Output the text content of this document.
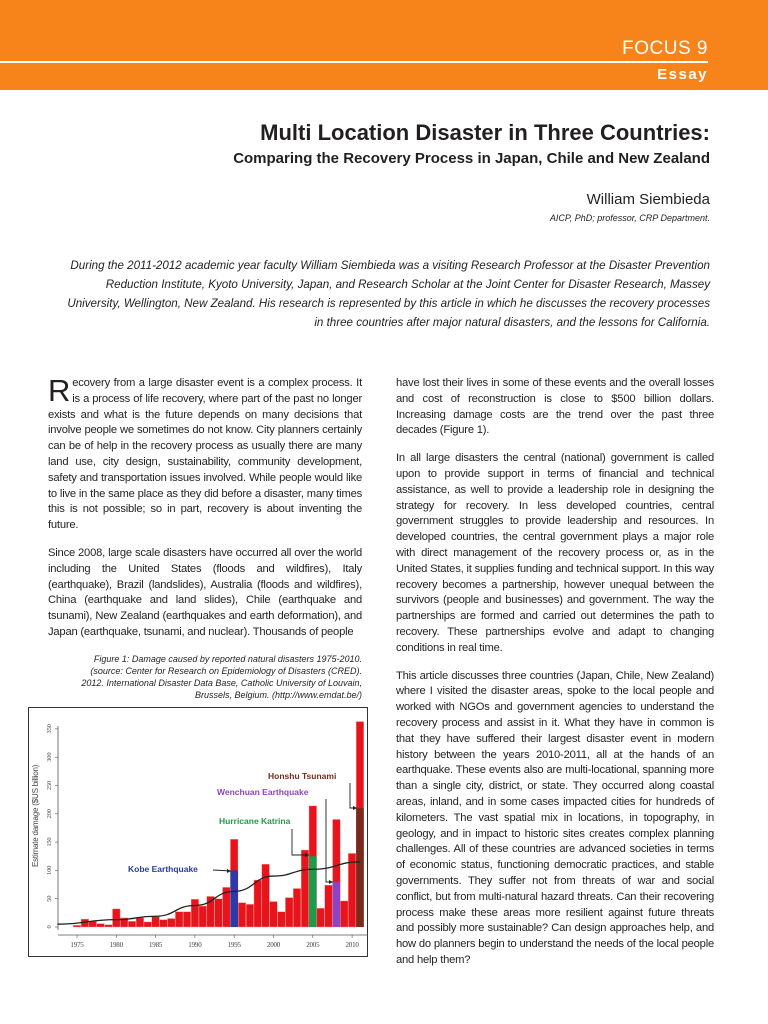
FOCUS 9
Essay
Multi Location Disaster in Three Countries:
Comparing the Recovery Process in Japan, Chile and New Zealand
William Siembieda
AICP, PhD; professor, CRP Department.
During the 2011-2012 academic year faculty William Siembieda was a visiting Research Professor at the Disaster Prevention Reduction Institute, Kyoto University, Japan, and Research Scholar at the Joint Center for Disaster Research, Massey University, Wellington, New Zealand. His research is represented by this article in which he discusses the recovery processes in three countries after major natural disasters, and the lessons for California.

Recovery from a large disaster event is a complex process. It is a process of life recovery, where part of the past no longer exists and what is the future depends on many decisions that involve people we sometimes do not know. City planners certainly can be of help in the recovery process as usually there are many land use, city design, sustainability, community development, safety and transportation issues involved. While people would like to live in the same place as they did before a disaster, many times this is not possible; so in part, recovery is about inventing the future.

Since 2008, large scale disasters have occurred all over the world including the United States (floods and wildfires), Italy (earthquake), Brazil (landslides), Australia (floods and wildfires), China (earthquake and land slides), Chile (earthquake and tsunami), New Zealand (earthquakes and earth deformation), and Japan (earthquake, tsunami, and nuclear). Thousands of people

Figure 1: Damage caused by reported natural disasters 1975-2010. (source: Center for Research on Epidemiology of Disasters (CRED). 2012. International Disaster Data Base, Catholic University of Louvain, Brussels, Belgium. (http://www.emdat.be/)
Estimate damage ($US billion)
0
50
100
150
200
250
300
350
1975	1980	1985	1990	1995	2000	2005	2010
Kobe Earthquake
Hurricane Katrina
Wenchuan Earthquake
Honshu Tsunami

have lost their lives in some of these events and the overall losses and cost of reconstruction is close to $500 billion dollars. Increasing damage costs are the trend over the past three decades (Figure 1).

In all large disasters the central (national) government is called upon to provide support in terms of financial and technical assistance, as well to provide a leadership role in designing the strategy for recovery. In less developed countries, central government struggles to provide leadership and resources. In developed countries, the central government plays a major role with direct management of the recovery process or, as in the United States, it supplies funding and technical support. In this way recovery becomes a partnership, however unequal between the survivors (people and businesses) and government. The way the partnerships are formed and carried out determines the path to recovery. These partnerships evolve and adapt to changing conditions in real time.

This article discusses three countries (Japan, Chile, New Zealand) where I visited the disaster areas, spoke to the local people and worked with NGOs and government agencies to understand the recovery process and assist in it. What they have in common is that they have suffered their largest disaster event in modern history between the years 2010-2011, all at the hands of an earthquake. These events also are multi-locational, spanning more than a single city, district, or state. They occurred along coastal areas, inland, and in some cases impacted cities for hundreds of kilometers. The vast spatial mix in locations, in topography, in geology, and in impact to historic sites creates complex planning challenges. All of these countries are advanced societies in terms of economic status, functioning democratic practices, and stable governments. They suffer not from threats of war and social conflict, but from multi-natural hazard threats. Can their recovering process make these areas more resilient against future threats and possibly more sustainable? Can design approaches help, and how do planners begin to understand the needs of the local people and help them?
